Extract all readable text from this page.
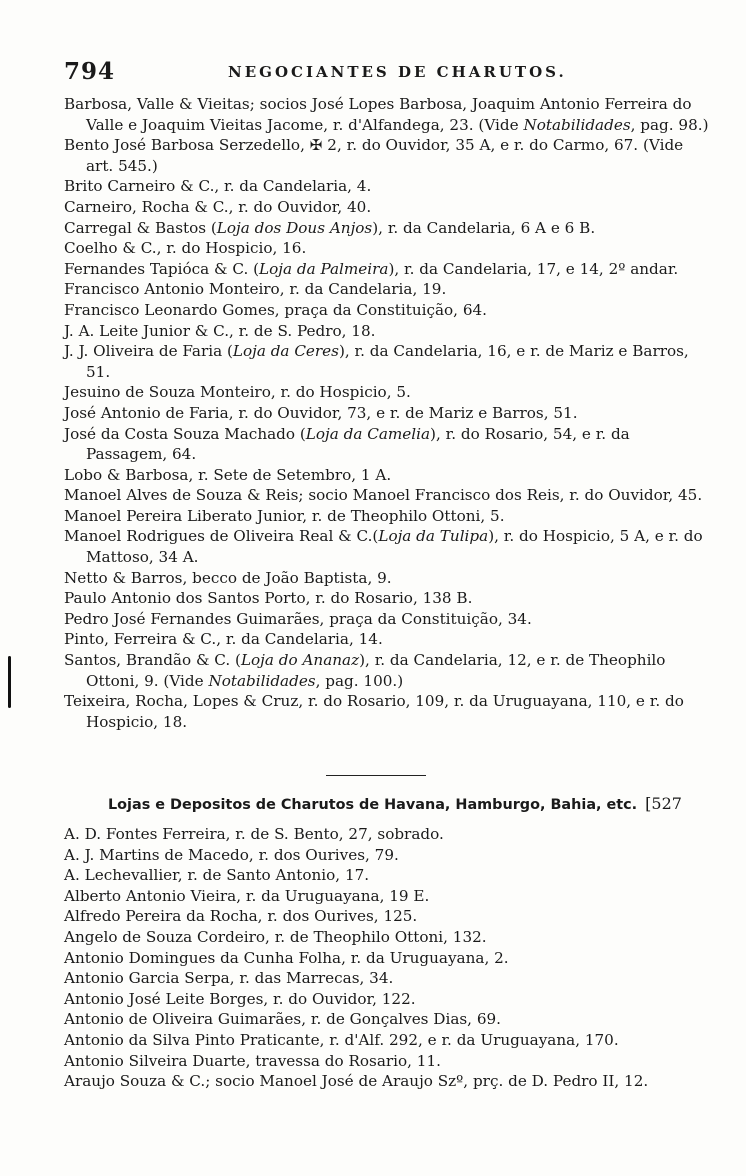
794	NEGOCIANTES DE CHARUTOS.

Barbosa, Valle & Vieitas; socios José Lopes Barbosa, Joaquim Antonio Ferreira do Valle e Joaquim Vieitas Jacome, r. d'Alfandega, 23. (Vide Notabilidades, pag. 98.)

Bento José Barbosa Serzedello, ✠ 2, r. do Ouvidor, 35 A, e r. do Carmo, 67. (Vide art. 545.)

Brito Carneiro & C., r. da Candelaria, 4.

Carneiro, Rocha & C., r. do Ouvidor, 40.

Carregal & Bastos (Loja dos Dous Anjos), r. da Candelaria, 6 A e 6 B.

Coelho & C., r. do Hospicio, 16.

Fernandes Tapióca & C. (Loja da Palmeira), r. da Candelaria, 17, e 14, 2º andar.

Francisco Antonio Monteiro, r. da Candelaria, 19.

Francisco Leonardo Gomes, praça da Constituição, 64.

J. A. Leite Junior & C., r. de S. Pedro, 18.

J. J. Oliveira de Faria (Loja da Ceres), r. da Candelaria, 16, e r. de Mariz e Barros, 51.

Jesuino de Souza Monteiro, r. do Hospicio, 5.

José Antonio de Faria, r. do Ouvidor, 73, e r. de Mariz e Barros, 51.

José da Costa Souza Machado (Loja da Camelia), r. do Rosario, 54, e r. da Passagem, 64.

Lobo & Barbosa, r. Sete de Setembro, 1 A.

Manoel Alves de Souza & Reis; socio Manoel Francisco dos Reis, r. do Ouvidor, 45.

Manoel Pereira Liberato Junior, r. de Theophilo Ottoni, 5.

Manoel Rodrigues de Oliveira Real & C.(Loja da Tulipa), r. do Hospicio, 5 A, e r. do Mattoso, 34 A.

Netto & Barros, becco de João Baptista, 9.

Paulo Antonio dos Santos Porto, r. do Rosario, 138 B.

Pedro José Fernandes Guimarães, praça da Constituição, 34.

Pinto, Ferreira & C., r. da Candelaria, 14.

Santos, Brandão & C. (Loja do Ananaz), r. da Candelaria, 12, e r. de Theophilo Ottoni, 9. (Vide Notabilidades, pag. 100.)

Teixeira, Rocha, Lopes & Cruz, r. do Rosario, 109, r. da Uruguayana, 110, e r. do Hospicio, 18.

Lojas e Depositos de Charutos de Havana, Hamburgo, Bahia, etc. [527

A. D. Fontes Ferreira, r. de S. Bento, 27, sobrado.

A. J. Martins de Macedo, r. dos Ourives, 79.

A. Lechevallier, r. de Santo Antonio, 17.

Alberto Antonio Vieira, r. da Uruguayana, 19 E.

Alfredo Pereira da Rocha, r. dos Ourives, 125.

Angelo de Souza Cordeiro, r. de Theophilo Ottoni, 132.

Antonio Domingues da Cunha Folha, r. da Uruguayana, 2.

Antonio Garcia Serpa, r. das Marrecas, 34.

Antonio José Leite Borges, r. do Ouvidor, 122.

Antonio de Oliveira Guimarães, r. de Gonçalves Dias, 69.

Antonio da Silva Pinto Praticante, r. d'Alf. 292, e r. da Uruguayana, 170.

Antonio Silveira Duarte, travessa do Rosario, 11.

Araujo Souza & C.; socio Manoel José de Araujo Szº, prç. de D. Pedro II, 12.
